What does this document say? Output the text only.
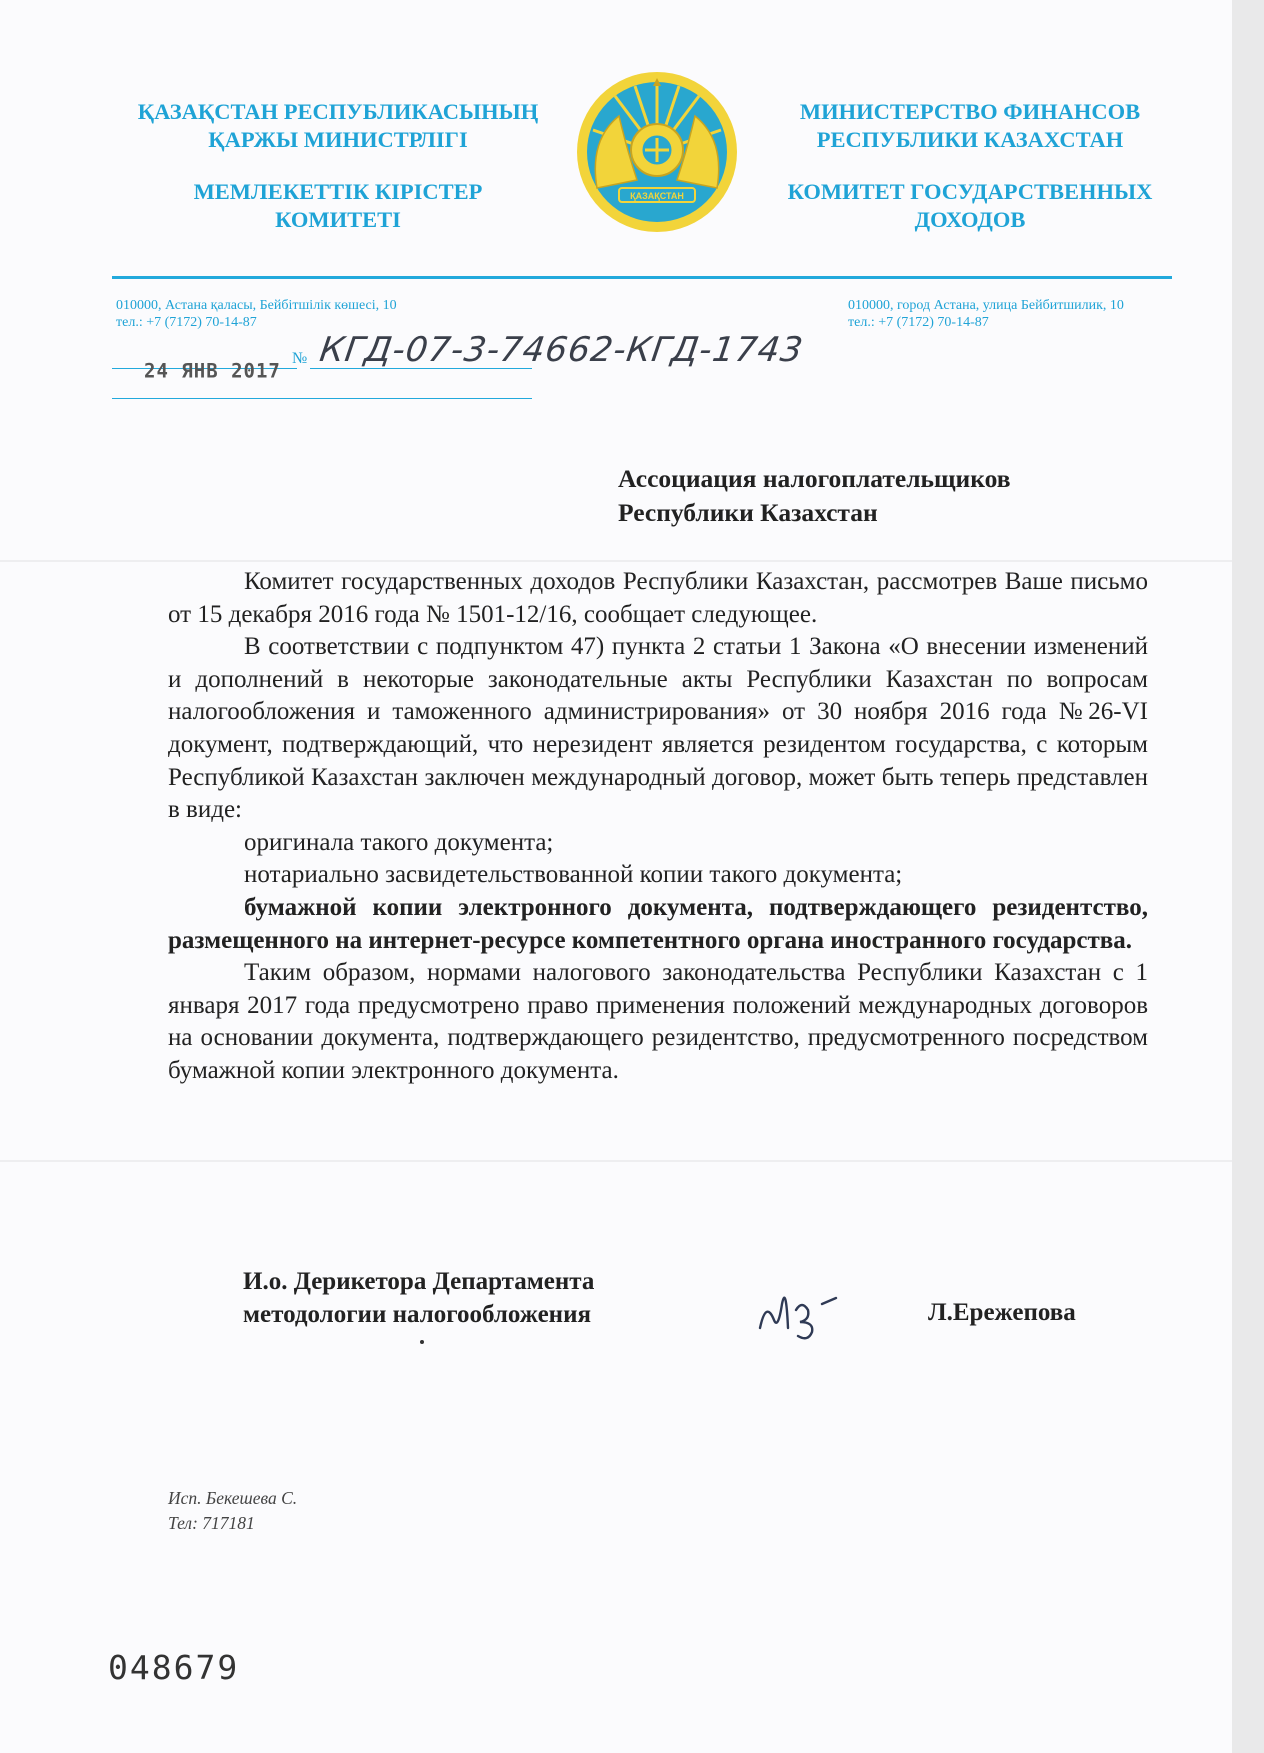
ҚАЗАҚСТАН РЕСПУБЛИКАСЫНЫҢ
ҚАРЖЫ МИНИСТРЛІГІ
МЕМЛЕКЕТТІК КІРІСТЕР
КОМИТЕТІ
МИНИСТЕРСТВО ФИНАНСОВ
РЕСПУБЛИКИ КАЗАХСТАН
КОМИТЕТ ГОСУДАРСТВЕННЫХ
ДОХОДОВ
ҚАЗАҚСТАН
010000, Астана қаласы, Бейбітшілік көшесі, 10
тел.: +7 (7172) 70-14-87
010000, город Астана, улица Бейбитшилик, 10
тел.: +7 (7172) 70-14-87
24 ЯНВ 2017
№ КГД-07-3-74662-КГД-1743
Ассоциация налогоплательщиков
Республики Казахстан

Комитет государственных доходов Республики Казахстан, рассмотрев Ваше письмо от 15 декабря 2016 года № 1501-12/16, сообщает следующее.

В соответствии с подпунктом 47) пункта 2 статьи 1 Закона «О внесении изменений и дополнений в некоторые законодательные акты Республики Казахстан по вопросам налогообложения и таможенного администрирования» от 30 ноября 2016 года №26-VI документ, подтверждающий, что нерезидент является резидентом государства, с которым Республикой Казахстан заключен международный договор, может быть теперь представлен в виде:

оригинала такого документа;

нотариально засвидетельствованной копии такого документа;

бумажной копии электронного документа, подтверждающего резидентство, размещенного на интернет-ресурсе компетентного органа иностранного государства.

Таким образом, нормами налогового законодательства Республики Казахстан с 1 января 2017 года предусмотрено право применения положений международных договоров на основании документа, подтверждающего резидентство, предусмотренного посредством бумажной копии электронного документа.

И.о. Дерикетора Департамента
методологии налогообложения	Л.Ережепова
Исп. Бекешева С.
Тел: 717181
048679
